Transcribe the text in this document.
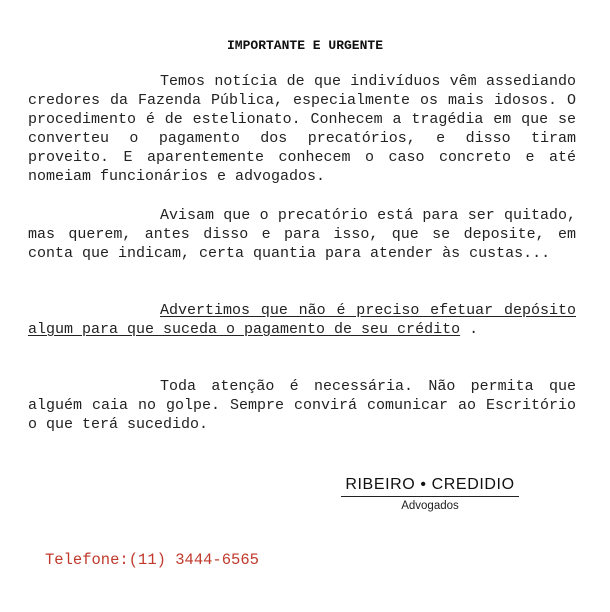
IMPORTANTE E URGENTE
Temos notícia de que indivíduos vêm assediando credores da Fazenda Pública, especialmente os mais idosos. O procedimento é de estelionato. Conhecem a tragédia em que se converteu o pagamento dos precatórios, e disso tiram proveito. E aparentemente conhecem o caso concreto e até nomeiam funcionários e advogados.
Avisam que o precatório está para ser quitado, mas querem, antes disso e para isso, que se deposite, em conta que indicam, certa quantia para atender às custas...
Advertimos que não é preciso efetuar depósito algum para que suceda o pagamento de seu crédito .
Toda atenção é necessária. Não permita que alguém caia no golpe. Sempre convirá comunicar ao Escritório o que terá sucedido.
RIBEIRO • CREDIDIO
Advogados
Telefone:(11) 3444-6565
